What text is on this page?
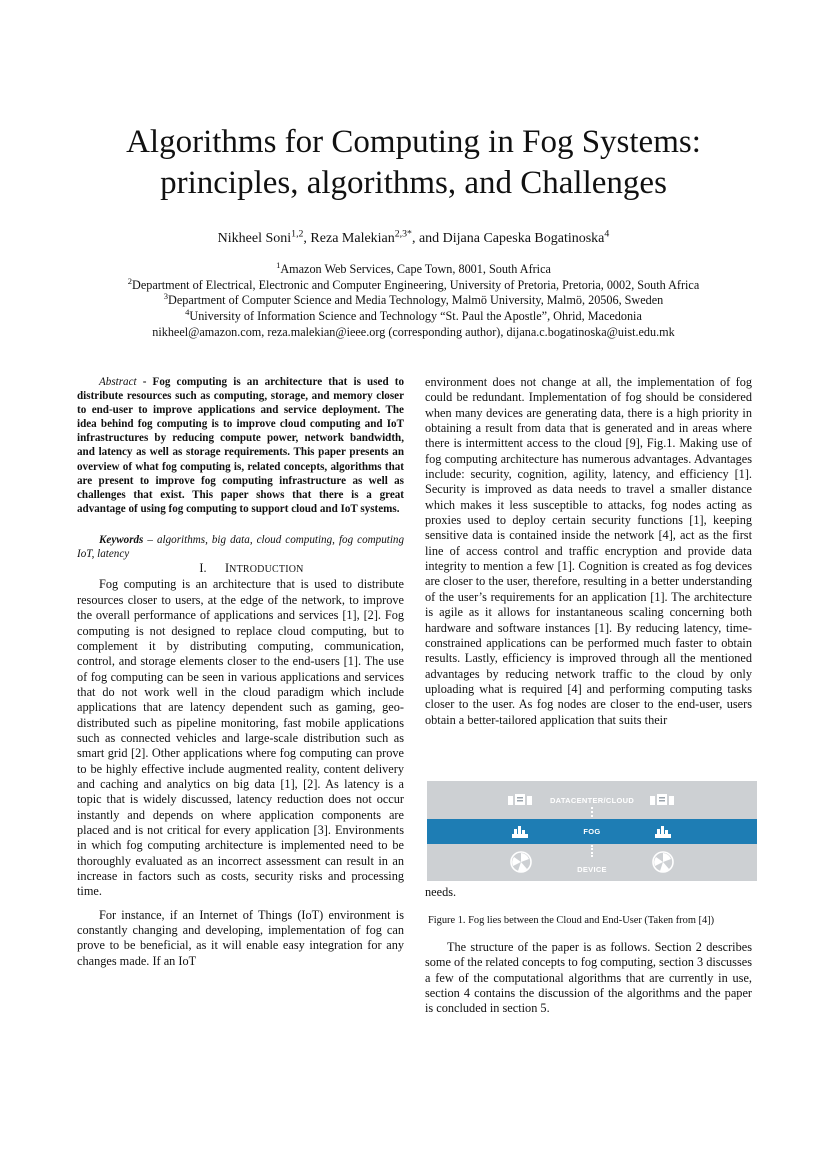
Algorithms for Computing in Fog Systems:
principles, algorithms, and Challenges
Nikheel Soni$^{1,2}$, Reza Malekian$^{2,3*}$, and Dijana Capeska Bogatinoska$^4$
$^1$Amazon Web Services, Cape Town, 8001, South Africa
$^2$Department of Electrical, Electronic and Computer Engineering, University of Pretoria, Pretoria, 0002, South Africa
$^3$Department of Computer Science and Media Technology, Malmö University, Malmö, 20506, Sweden
$^4$University of Information Science and Technology “St. Paul the Apostle”, Ohrid, Macedonia
nikheel@amazon.com, reza.malekian@ieee.org (corresponding author), dijana.c.bogatinoska@uist.edu.mk

Abstract - Fog computing is an architecture that is used to distribute resources such as computing, storage, and memory closer to end-user to improve applications and service deployment. The idea behind fog computing is to improve cloud computing and IoT infrastructures by reducing compute power, network bandwidth, and latency as well as storage requirements. This paper presents an overview of what fog computing is, related concepts, algorithms that are present to improve fog computing infrastructure as well as challenges that exist. This paper shows that there is a great advantage of using fog computing to support cloud and IoT systems.

Keywords – algorithms, big data, cloud computing, fog computing IoT, latency

I. INTRODUCTION

Fog computing is an architecture that is used to distribute resources closer to users, at the edge of the network, to improve the overall performance of applications and services [1], [2]. Fog computing is not designed to replace cloud computing, but to complement it by distributing computing, communication, control, and storage elements closer to the end-users [1]. The use of fog computing can be seen in various applications and services that do not work well in the cloud paradigm which include applications that are latency dependent such as gaming, geo-distributed such as pipeline monitoring, fast mobile applications such as connected vehicles and large-scale distribution such as smart grid [2]. Other applications where fog computing can prove to be highly effective include augmented reality, content delivery and caching and analytics on big data [1], [2]. As latency is a topic that is widely discussed, latency reduction does not occur instantly and depends on where application components are placed and is not critical for every application [3]. Environments in which fog computing architecture is implemented need to be thoroughly evaluated as an incorrect assessment can result in an increase in factors such as costs, security risks and processing time.

For instance, if an Internet of Things (IoT) environment is constantly changing and developing, implementation of fog can prove to be beneficial, as it will enable easy integration for any changes made. If an IoT

environment does not change at all, the implementation of fog could be redundant. Implementation of fog should be considered when many devices are generating data, there is a high priority in obtaining a result from data that is generated and in areas where there is intermittent access to the cloud [9], Fig.1. Making use of fog computing architecture has numerous advantages. Advantages include: security, cognition, agility, latency, and efficiency [1]. Security is improved as data needs to travel a smaller distance which makes it less susceptible to attacks, fog nodes acting as proxies used to deploy certain security functions [1], keeping sensitive data is contained inside the network [4], act as the first line of access control and traffic encryption and provide data integrity to mention a few [1]. Cognition is created as fog devices are closer to the user, therefore, resulting in a better understanding of the user’s requirements for an application [1]. The architecture is agile as it allows for instantaneous scaling concerning both hardware and software instances [1]. By reducing latency, time-constrained applications can be performed much faster to obtain results. Lastly, efficiency is improved through all the mentioned advantages by reducing network traffic to the cloud by only uploading what is required [4] and performing computing tasks closer to the user. As fog nodes are closer to the end-user, users obtain a better-tailored application that suits their

DATACENTER/CLOUD
FOG
DEVICE
needs.
Figure 1. Fog lies between the Cloud and End-User (Taken from [4])

The structure of the paper is as follows. Section 2 describes some of the related concepts to fog computing, section 3 discusses a few of the computational algorithms that are currently in use, section 4 contains the discussion of the algorithms and the paper is concluded in section 5.
